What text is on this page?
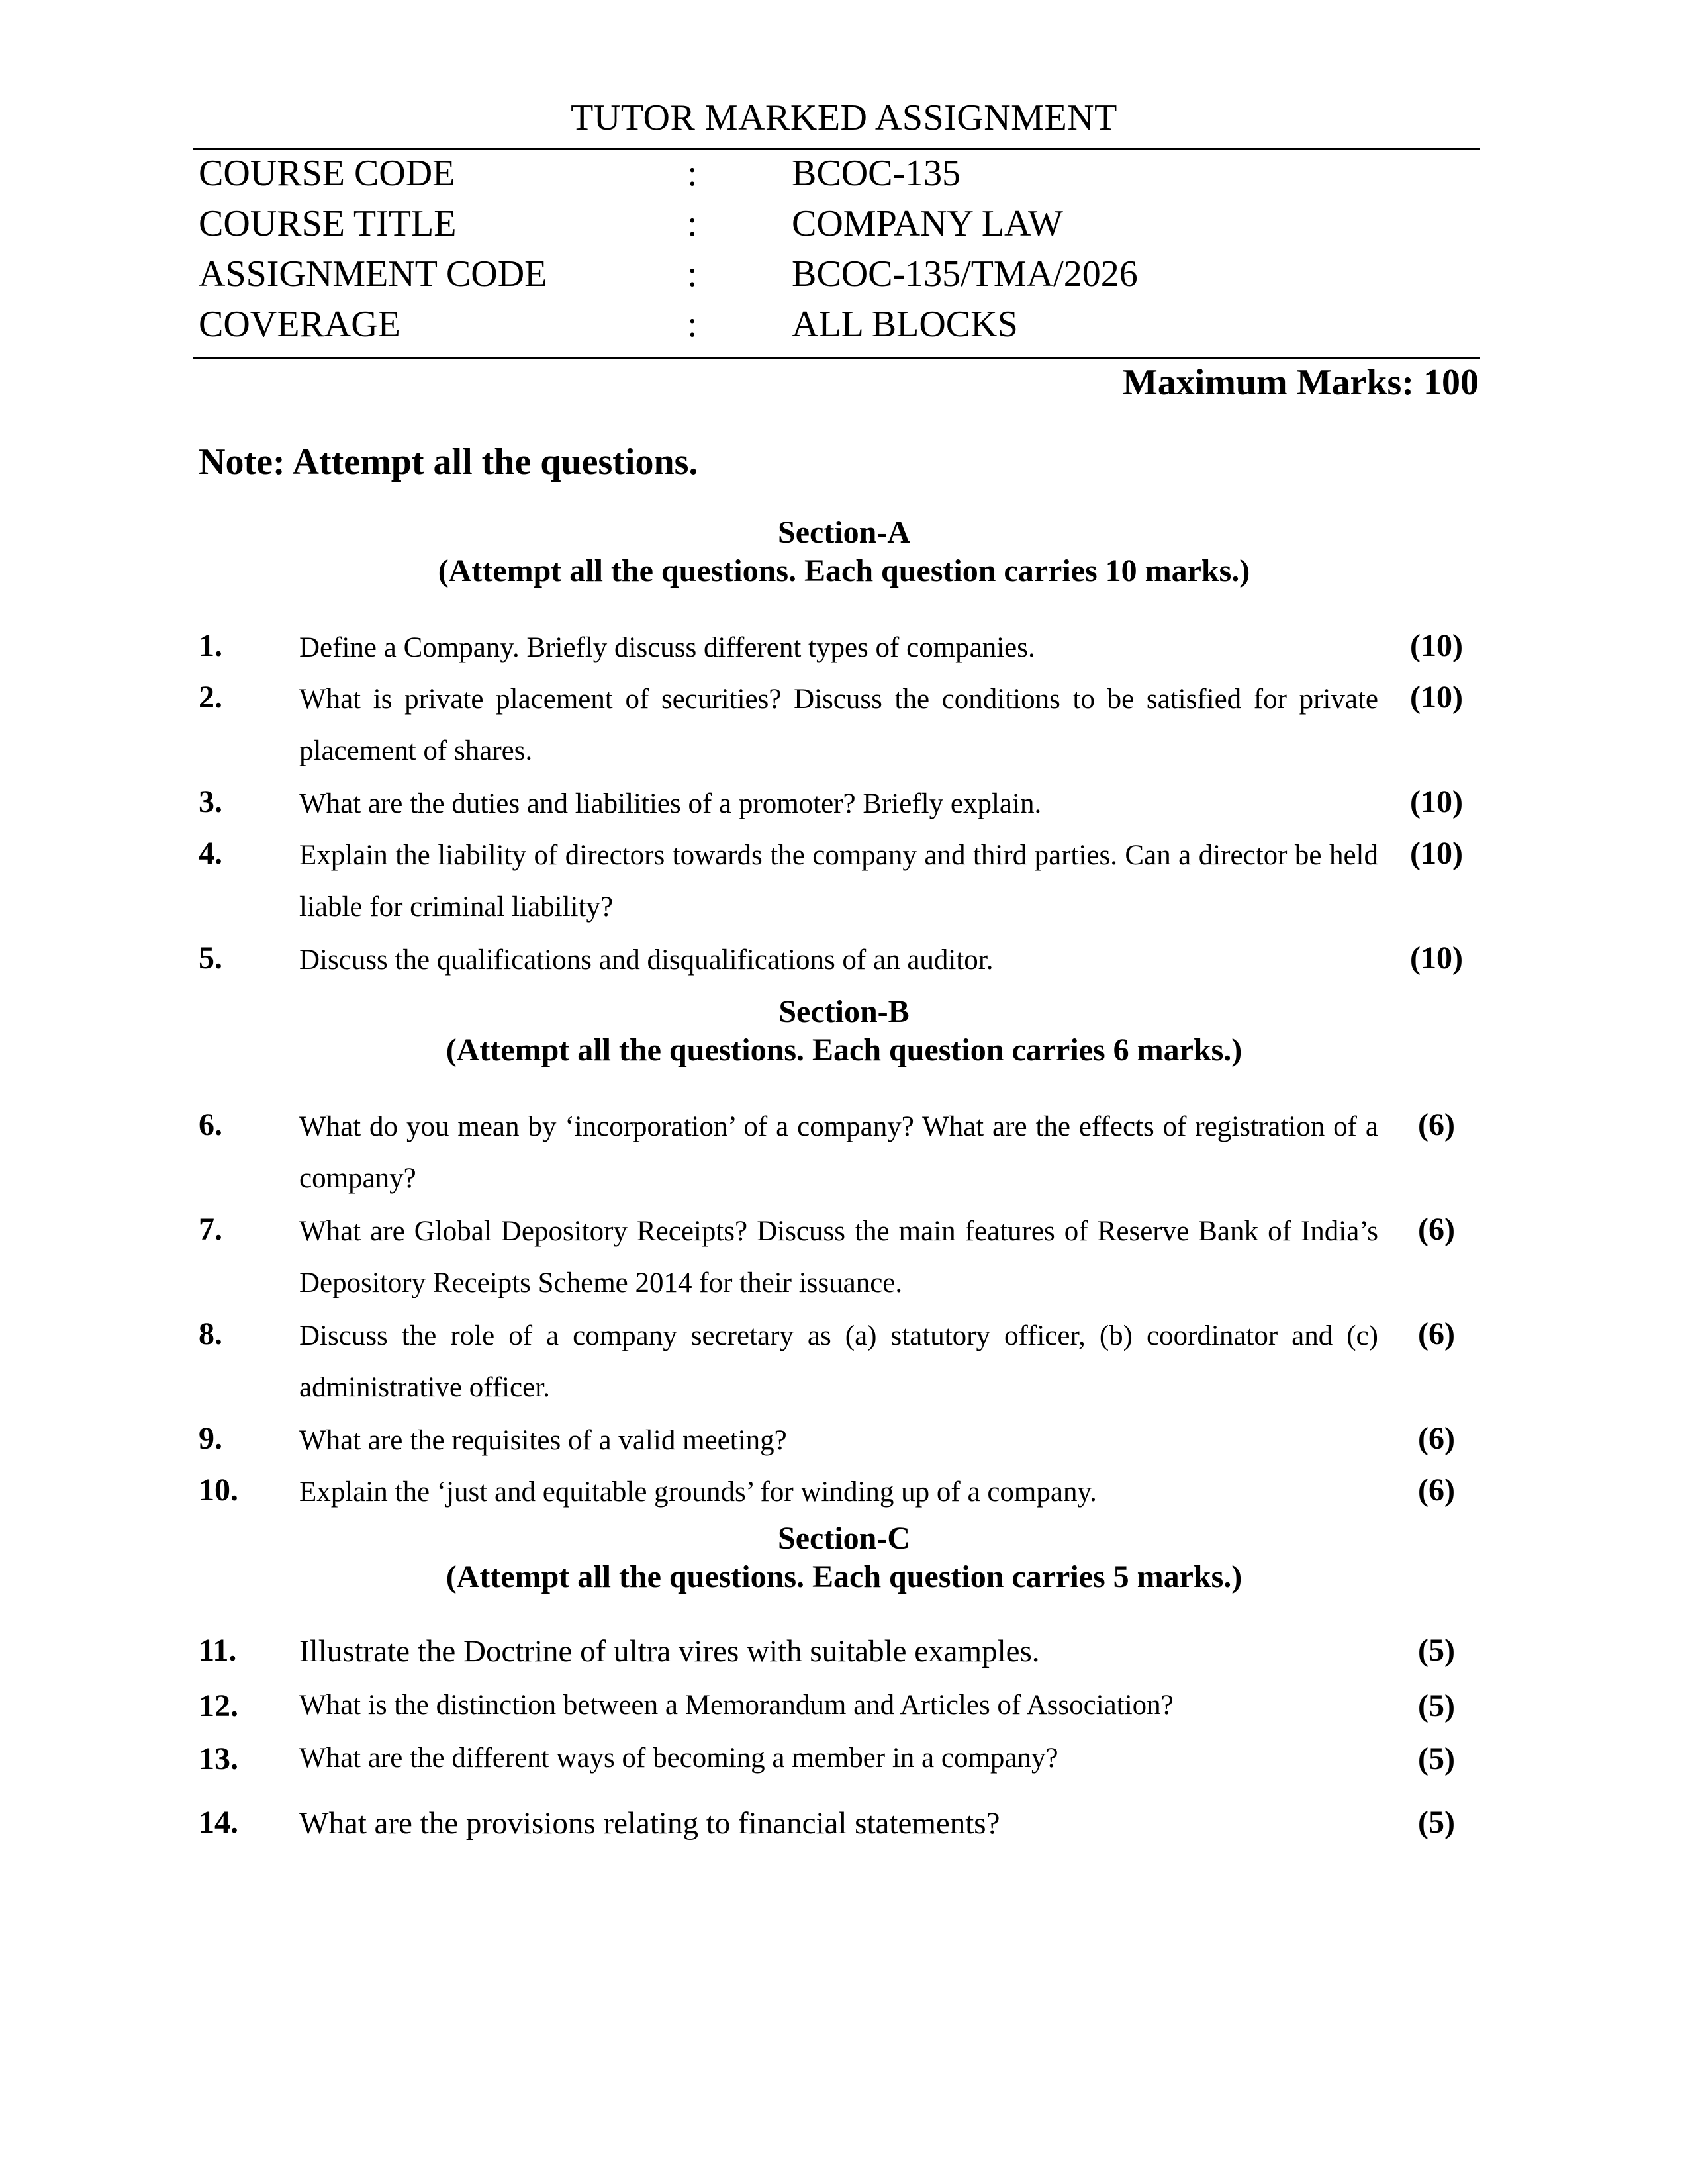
TUTOR MARKED ASSIGNMENT
COURSE CODE	:	BCOC-135
COURSE TITLE	:	COMPANY LAW
ASSIGNMENT CODE	:	BCOC-135/TMA/2026
COVERAGE	:	ALL BLOCKS
Maximum Marks: 100
Note: Attempt all the questions.
Section-A
(Attempt all the questions. Each question carries 10 marks.)
1.	Define a Company. Briefly discuss different types of companies.	(10)
2.	What is private placement of securities? Discuss the conditions to be satisfied for private placement of shares.
(10)
3.	What are the duties and liabilities of a promoter? Briefly explain.	(10)
4.	Explain the liability of directors towards the company and third parties. Can a director be held liable for criminal liability?
(10)
5.	Discuss the qualifications and disqualifications of an auditor.	(10)
Section-B
(Attempt all the questions. Each question carries 6 marks.)
6.	What do you mean by ‘incorporation’ of a company? What are the effects of registration of a company?
(6)
7.	What are Global Depository Receipts? Discuss the main features of Reserve Bank of India’s Depository Receipts Scheme 2014 for their issuance.
(6)
8.	Discuss the role of a company secretary as (a) statutory officer, (b) coordinator and (c) administrative officer.
(6)
9.	What are the requisites of a valid meeting?	(6)
10. Explain the ‘just and equitable grounds’ for winding up of a company.	(6)
Section-C
(Attempt all the questions. Each question carries 5 marks.)
11. Illustrate the Doctrine of ultra vires with suitable examples.	(5)
12. What is the distinction between a Memorandum and Articles of Association?	(5)
13. What are the different ways of becoming a member in a company?	(5)
14. What are the provisions relating to financial statements?	(5)
